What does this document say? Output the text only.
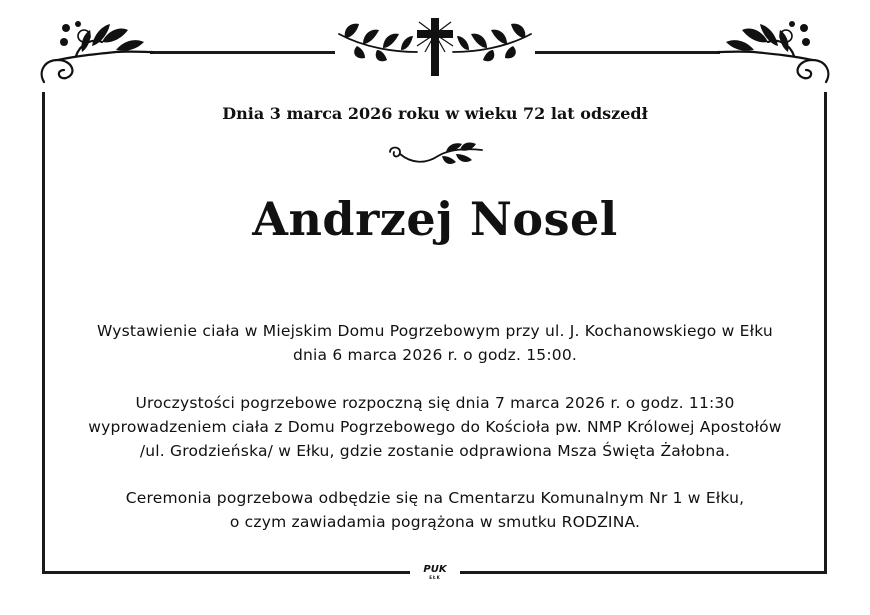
Dnia 3 marca 2026 roku w wieku 72 lat odszedł
Andrzej Nosel
Wystawienie ciała w Miejskim Domu Pogrzebowym przy ul. J. Kochanowskiego w Ełku
dnia 6 marca 2026 r. o godz. 15:00.
Uroczystości pogrzebowe rozpoczną się dnia 7 marca 2026 r. o godz. 11:30
wyprowadzeniem ciała z Domu Pogrzebowego do Kościoła pw. NMP Królowej Apostołów
/ul. Grodzieńska/ w Ełku, gdzie zostanie odprawiona Msza Święta Żałobna.
Ceremonia pogrzebowa odbędzie się na Cmentarzu Komunalnym Nr 1 w Ełku,
o czym zawiadamia pogrążona w smutku RODZINA.
PUK
EŁK
